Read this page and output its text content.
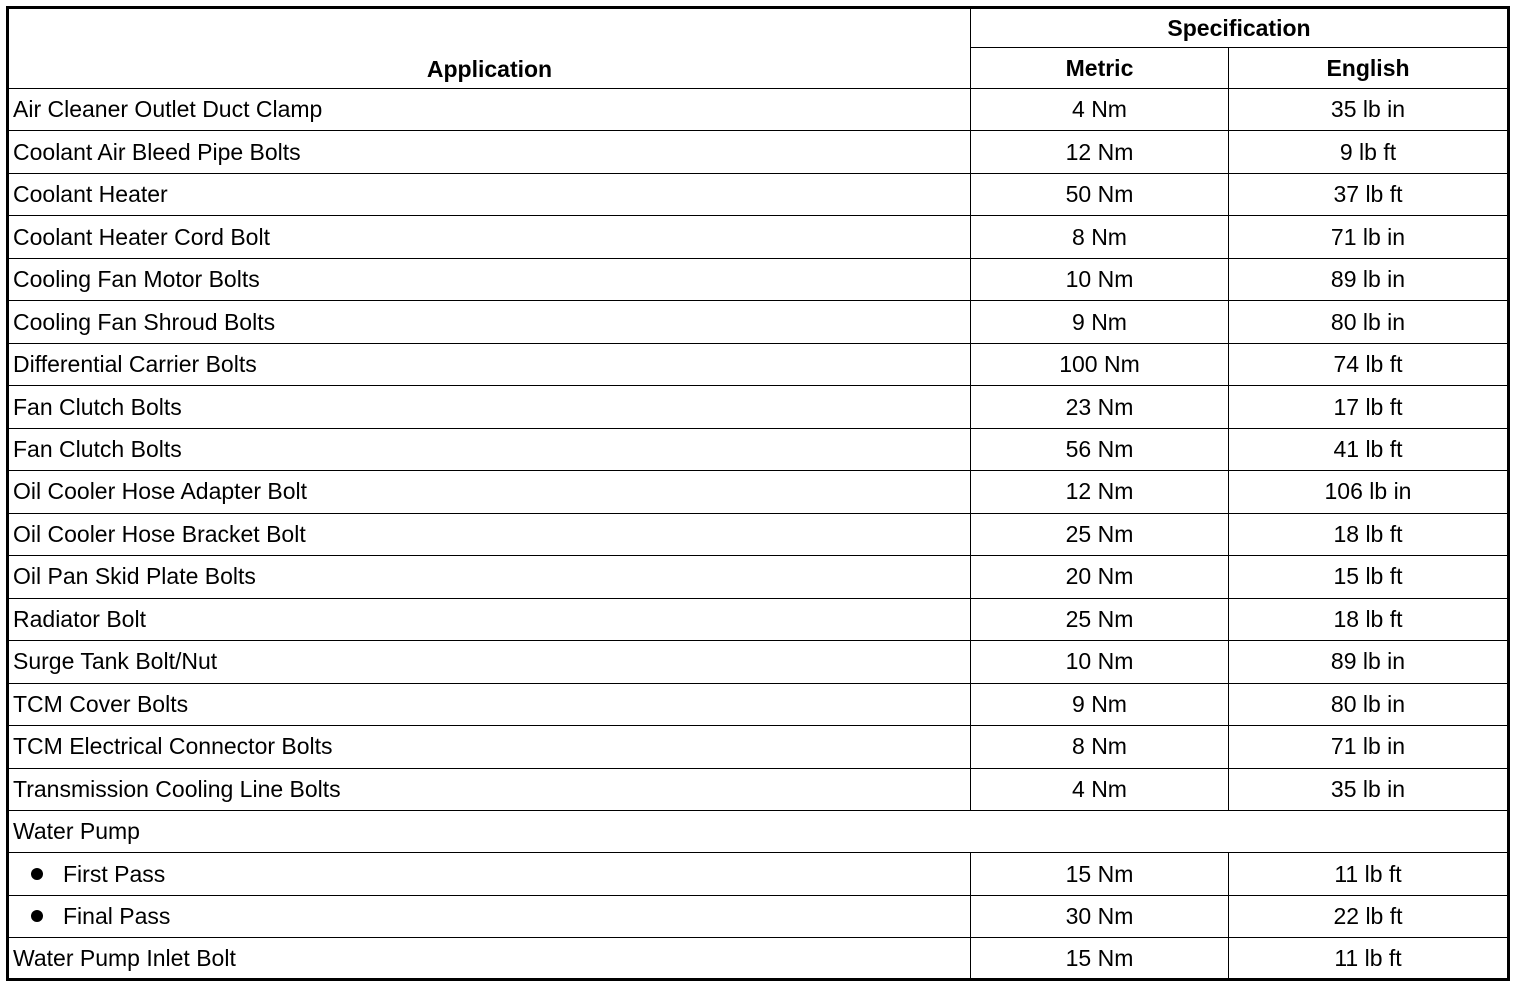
Application	Specification	
	Metric	English
Air Cleaner Outlet Duct Clamp	4 Nm	35 lb in
Coolant Air Bleed Pipe Bolts	12 Nm	9 lb ft
Coolant Heater	50 Nm	37 lb ft
Coolant Heater Cord Bolt	8 Nm	71 lb in
Cooling Fan Motor Bolts	10 Nm	89 lb in
Cooling Fan Shroud Bolts	9 Nm	80 lb in
Differential Carrier Bolts	100 Nm	74 lb ft
Fan Clutch Bolts	23 Nm	17 lb ft
Fan Clutch Bolts	56 Nm	41 lb ft
Oil Cooler Hose Adapter Bolt	12 Nm	106 lb in
Oil Cooler Hose Bracket Bolt	25 Nm	18 lb ft
Oil Pan Skid Plate Bolts	20 Nm	15 lb ft
Radiator Bolt	25 Nm	18 lb ft
Surge Tank Bolt/Nut	10 Nm	89 lb in
TCM Cover Bolts	9 Nm	80 lb in
TCM Electrical Connector Bolts	8 Nm	71 lb in
Transmission Cooling Line Bolts	4 Nm	35 lb in
Water Pump		
First Pass	15 Nm	11 lb ft
Final Pass	30 Nm	22 lb ft
Water Pump Inlet Bolt	15 Nm	11 lb ft
